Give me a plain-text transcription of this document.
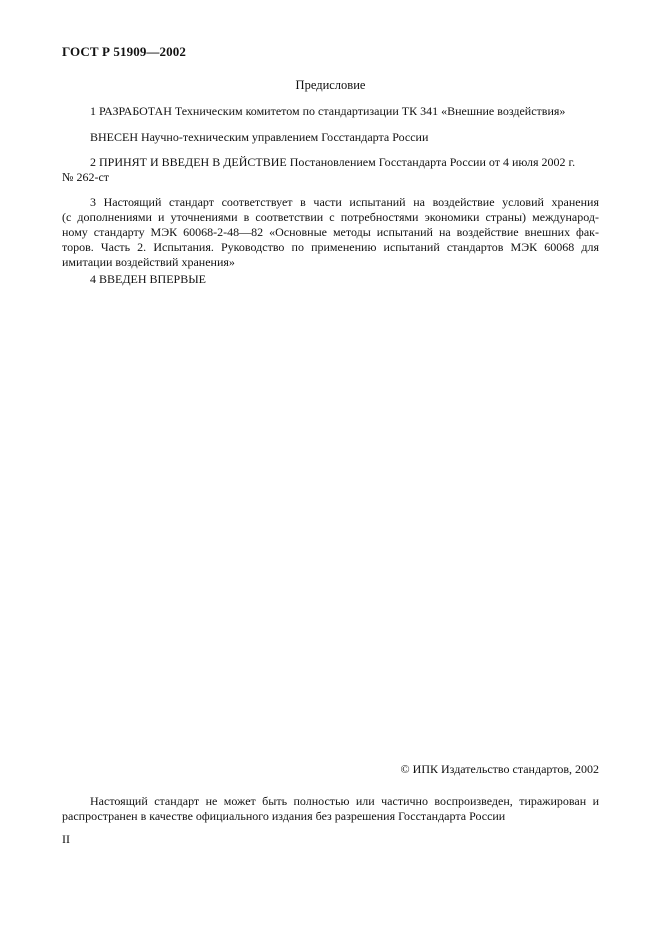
ГОСТ Р 51909—2002
Предисловие
1 РАЗРАБОТАН Техническим комитетом по стандартизации ТК 341 «Внешние воздействия»
ВНЕСЕН Научно-техническим управлением Госстандарта России
2 ПРИНЯТ И ВВЕДЕН В ДЕЙСТВИЕ Постановлением Госстандарта России от 4 июля 2002 г.
№ 262-ст
3 Настоящий стандарт соответствует в части испытаний на воздействие условий хранения
(с дополнениями и уточнениями в соответствии с потребностями экономики страны) международ-
ному стандарту МЭК 60068-2-48—82 «Основные методы испытаний на воздействие внешних фак-
торов. Часть 2. Испытания. Руководство по применению испытаний стандартов МЭК 60068 для
имитации воздействий хранения»
4 ВВЕДЕН ВПЕРВЫЕ
© ИПК Издательство стандартов, 2002
Настоящий стандарт не может быть полностью или частично воспроизведен, тиражирован и
распространен в качестве официального издания без разрешения Госстандарта России
II
